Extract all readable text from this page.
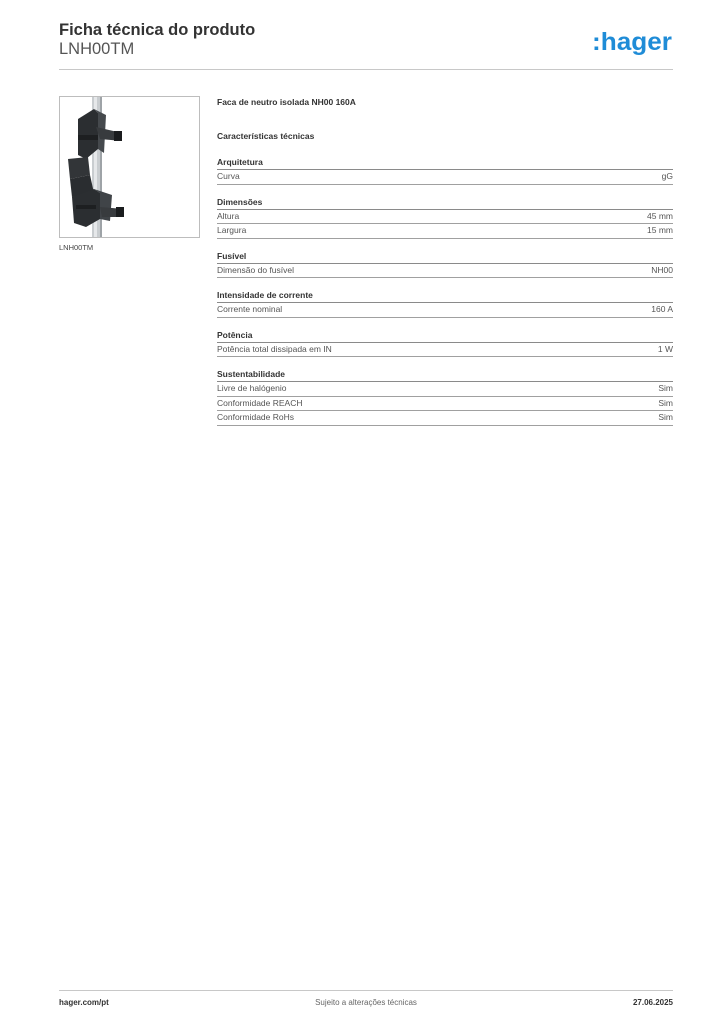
Ficha técnica do produto
LNH00TM	:hager
LNH00TM
Faca de neutro isolada NH00 160A
Características técnicas
Arquitetura
Curva	gG
Dimensões
Altura	45 mm
Largura	15 mm
Fusível
Dimensão do fusível	NH00
Intensidade de corrente
Corrente nominal	160 A
Potência
Potência total dissipada em IN	1 W
Sustentabilidade
Livre de halógenio	Sim
Conformidade REACH	Sim
Conformidade RoHs	Sim
hager.com/pt	Sujeito a alterações técnicas	27.06.2025
